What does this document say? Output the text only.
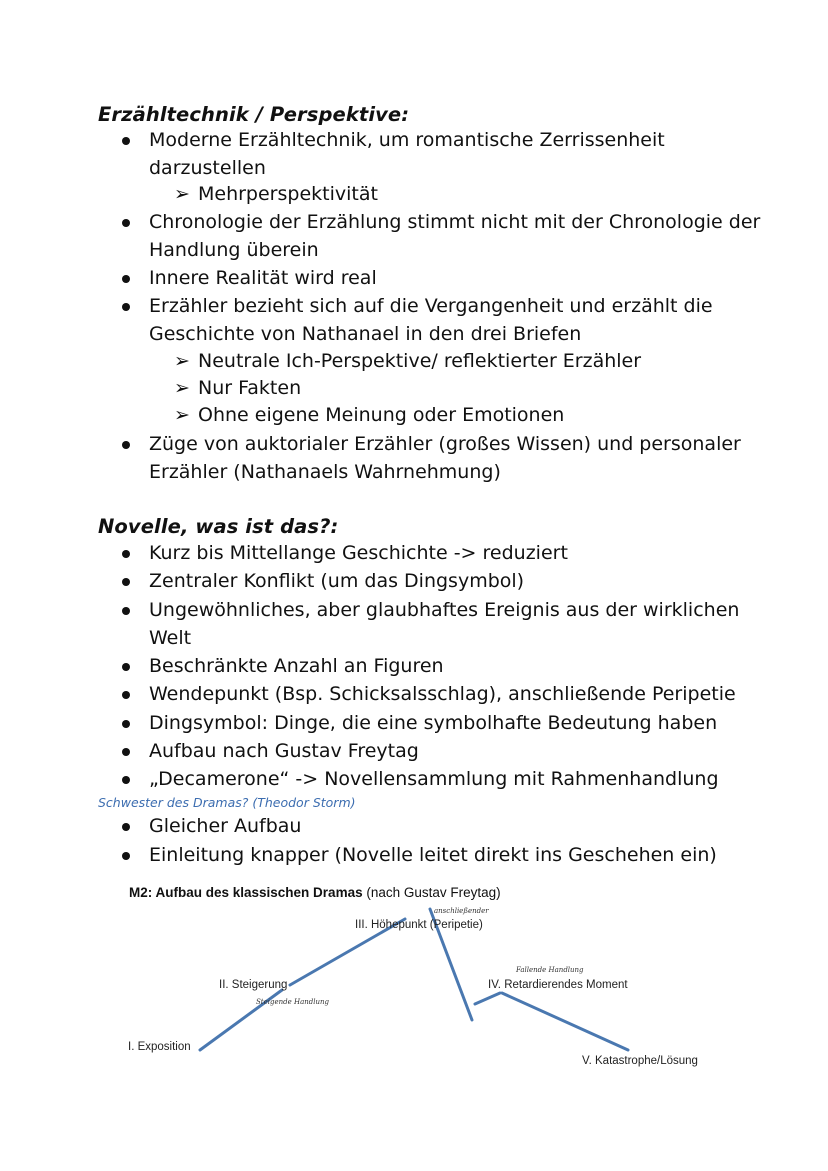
Erzähltechnik / Perspektive:
Moderne Erzähltechnik, um romantische Zerrissenheit
darzustellen
➢ Mehrperspektivität
Chronologie der Erzählung stimmt nicht mit der Chronologie der
Handlung überein
Innere Realität wird real
Erzähler bezieht sich auf die Vergangenheit und erzählt die
Geschichte von Nathanael in den drei Briefen
➢ Neutrale Ich-Perspektive/ reflektierter Erzähler
➢ Nur Fakten
➢ Ohne eigene Meinung oder Emotionen
Züge von auktorialer Erzähler (großes Wissen) und personaler
Erzähler (Nathanaels Wahrnehmung)
Novelle, was ist das?:
Kurz bis Mittellange Geschichte -> reduziert
Zentraler Konflikt (um das Dingsymbol)
Ungewöhnliches, aber glaubhaftes Ereignis aus der wirklichen
Welt
Beschränkte Anzahl an Figuren
Wendepunkt (Bsp. Schicksalsschlag), anschließende Peripetie
Dingsymbol: Dinge, die eine symbolhafte Bedeutung haben
Aufbau nach Gustav Freytag
„Decamerone“ -> Novellensammlung mit Rahmenhandlung
Schwester des Dramas? (Theodor Storm)
Gleicher Aufbau
Einleitung knapper (Novelle leitet direkt ins Geschehen ein)
M2: Aufbau des klassischen Dramas (nach Gustav Freytag)
III. Höhepunkt (Peripetie)
II. Steigerung	IV. Retardierendes Moment
I. Exposition
V. Katastrophe/Lösung
Steigende Handlung
anschließender
Fallende Handlung
